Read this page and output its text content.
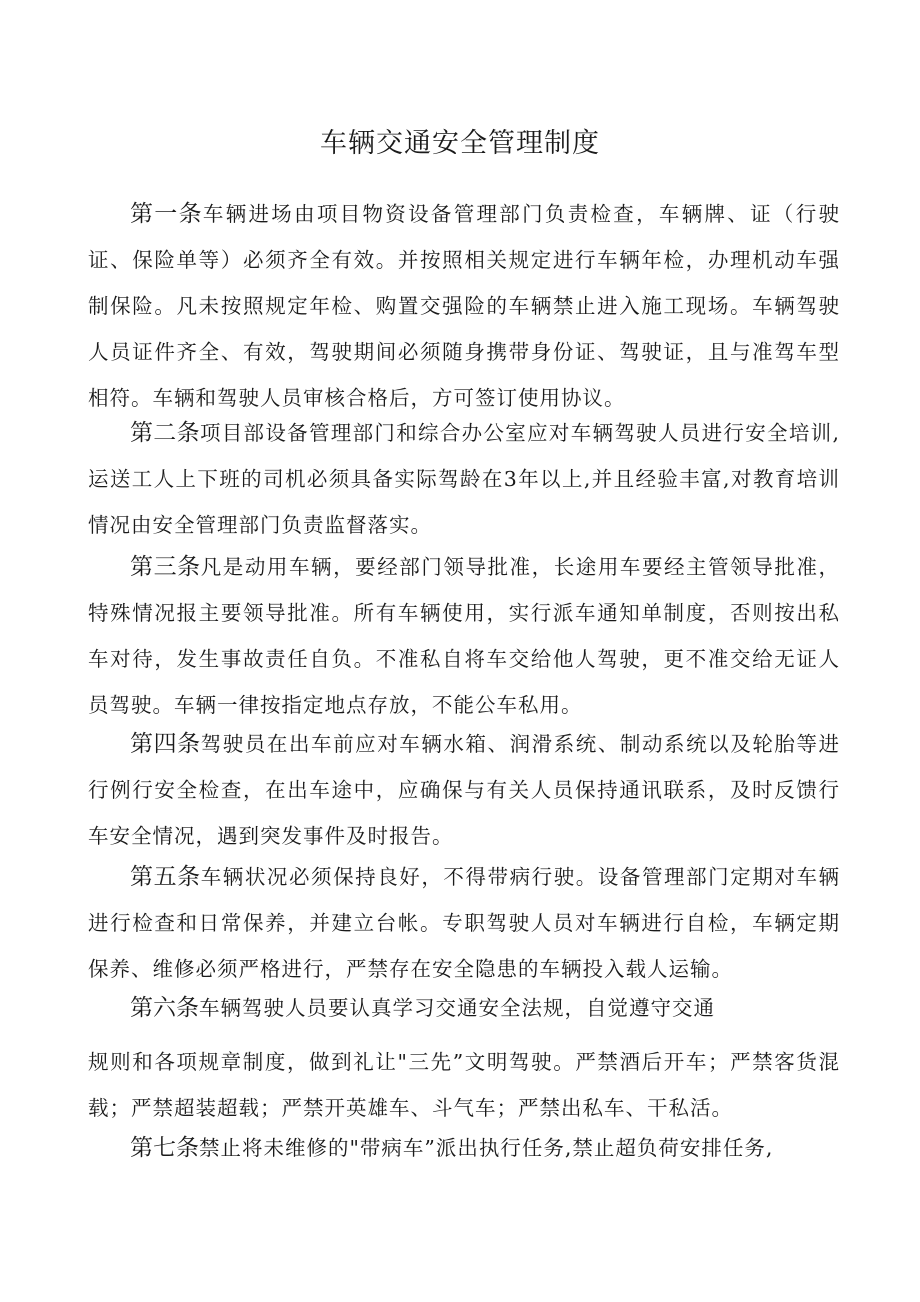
车辆交通安全管理制度
第一条车辆进场由项目物资设备管理部门负责检查，车辆牌、证（行驶证、保险单等）必须齐全有效。并按照相关规定进行车辆年检，办理机动车强制保险。凡未按照规定年检、购置交强险的车辆禁止进入施工现场。车辆驾驶人员证件齐全、有效，驾驶期间必须随身携带身份证、驾驶证，且与准驾车型相符。车辆和驾驶人员审核合格后，方可签订使用协议。
第二条项目部设备管理部门和综合办公室应对车辆驾驶人员进行安全培训,运送工人上下班的司机必须具备实际驾龄在3年以上,并且经验丰富,对教育培训情况由安全管理部门负责监督落实。
第三条凡是动用车辆，要经部门领导批准，长途用车要经主管领导批准，特殊情况报主要领导批准。所有车辆使用，实行派车通知单制度，否则按出私车对待，发生事故责任自负。不准私自将车交给他人驾驶，更不准交给无证人员驾驶。车辆一律按指定地点存放，不能公车私用。
第四条驾驶员在出车前应对车辆水箱、润滑系统、制动系统以及轮胎等进行例行安全检查，在出车途中，应确保与有关人员保持通讯联系，及时反馈行车安全情况，遇到突发事件及时报告。
第五条车辆状况必须保持良好，不得带病行驶。设备管理部门定期对车辆进行检查和日常保养，并建立台帐。专职驾驶人员对车辆进行自检，车辆定期保养、维修必须严格进行，严禁存在安全隐患的车辆投入载人运输。
第六条车辆驾驶人员要认真学习交通安全法规，自觉遵守交通
规则和各项规章制度，做到礼让"三先”文明驾驶。严禁酒后开车；严禁客货混载；严禁超装超载；严禁开英雄车、斗气车；严禁出私车、干私活。
第七条禁止将未维修的"带病车”派出执行任务,禁止超负荷安排任务,
